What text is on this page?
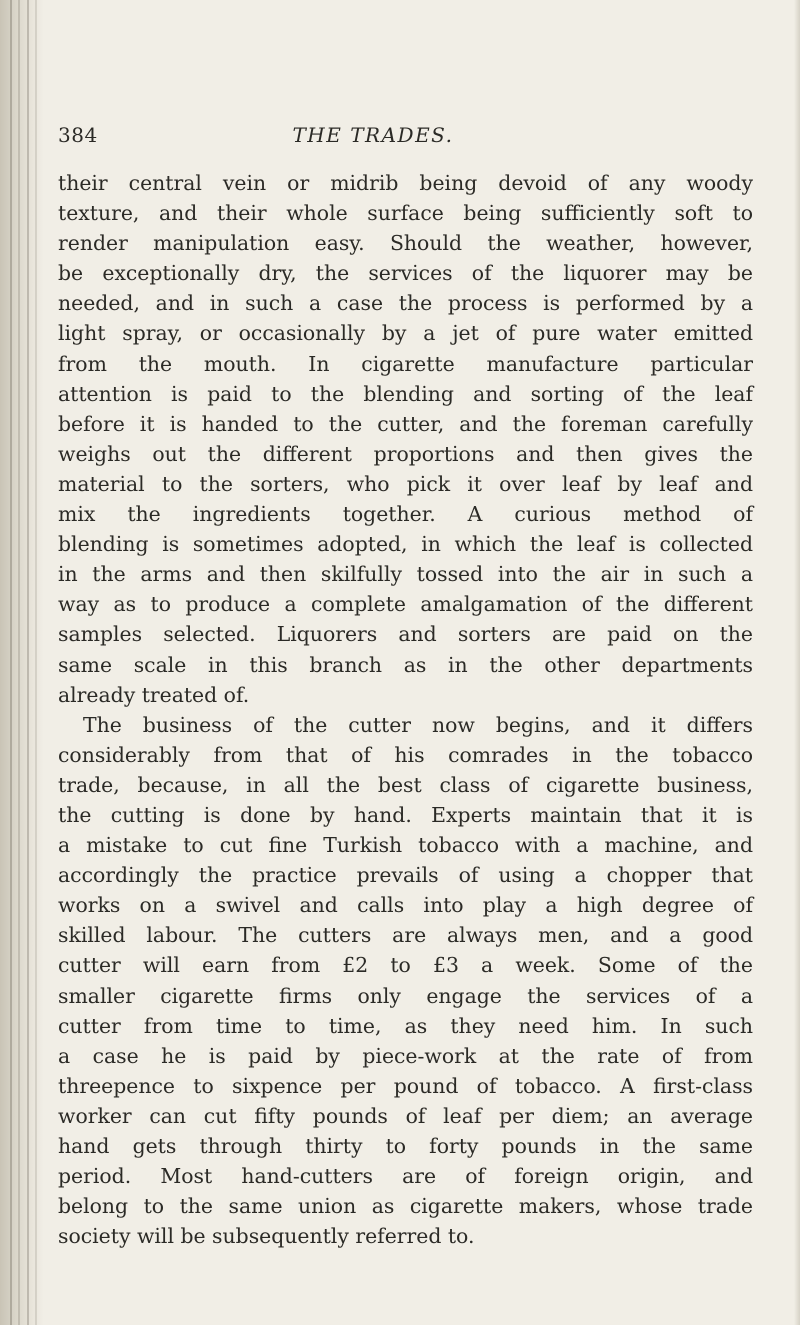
384	THE TRADES.
their central vein or midrib being devoid of any woody
texture, and their whole surface being sufficiently soft to
render manipulation easy. Should the weather, however,
be exceptionally dry, the services of the liquorer may be
needed, and in such a case the process is performed by a
light spray, or occasionally by a jet of pure water emitted
from the mouth. In cigarette manufacture particular
attention is paid to the blending and sorting of the leaf
before it is handed to the cutter, and the foreman carefully
weighs out the different proportions and then gives the
material to the sorters, who pick it over leaf by leaf and
mix the ingredients together. A curious method of
blending is sometimes adopted, in which the leaf is collected
in the arms and then skilfully tossed into the air in such a
way as to produce a complete amalgamation of the different
samples selected. Liquorers and sorters are paid on the
same scale in this branch as in the other departments
already treated of.
The business of the cutter now begins, and it differs
considerably from that of his comrades in the tobacco
trade, because, in all the best class of cigarette business,
the cutting is done by hand. Experts maintain that it is
a mistake to cut fine Turkish tobacco with a machine, and
accordingly the practice prevails of using a chopper that
works on a swivel and calls into play a high degree of
skilled labour. The cutters are always men, and a good
cutter will earn from £2 to £3 a week. Some of the
smaller cigarette firms only engage the services of a
cutter from time to time, as they need him. In such
a case he is paid by piece-work at the rate of from
threepence to sixpence per pound of tobacco. A first-class
worker can cut fifty pounds of leaf per diem; an average
hand gets through thirty to forty pounds in the same
period. Most hand-cutters are of foreign origin, and
belong to the same union as cigarette makers, whose trade
society will be subsequently referred to.
